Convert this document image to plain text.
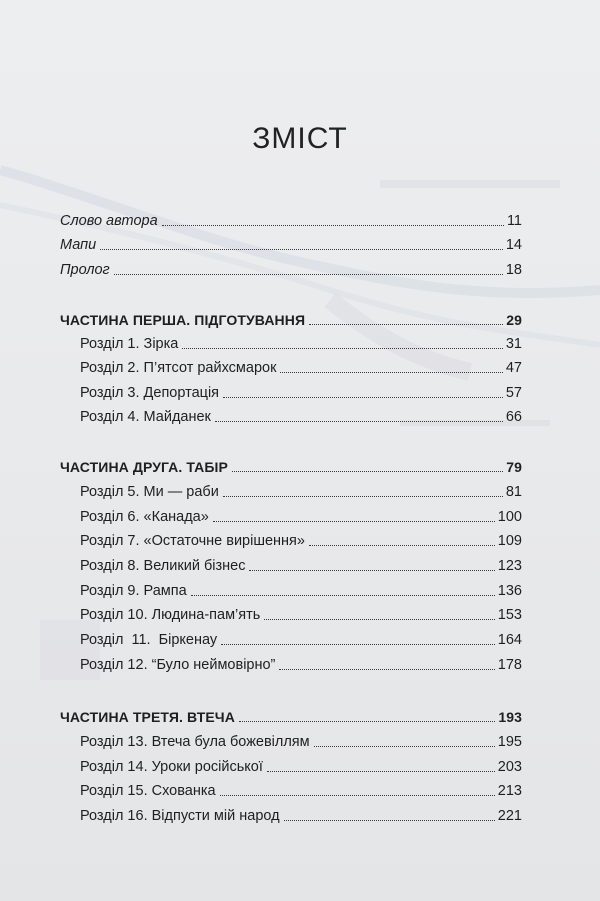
ЗМІСТ
Слово автора	11
Мапи	14
Пролог	18
ЧАСТИНА ПЕРША. ПІДГОТУВАННЯ	29
Розділ 1. Зірка	31
Розділ 2. П’ятсот райхсмарок	47
Розділ 3. Депортація	57
Розділ 4. Майданек	66
ЧАСТИНА ДРУГА. ТАБІР	79
Розділ 5. Ми — раби	81
Розділ 6. «Канада»	100
Розділ 7. «Остаточне вирішення»	109
Розділ 8. Великий бізнес	123
Розділ 9. Рампа	136
Розділ 10. Людина-пам’ять	153
Розділ  11.  Біркенау	164
Розділ 12. “Було неймовірно”	178
ЧАСТИНА ТРЕТЯ. ВТЕЧА	193
Розділ 13. Втеча була божевіллям	195
Розділ 14. Уроки російської	203
Розділ 15. Схованка	213
Розділ 16. Відпусти мій народ	221
